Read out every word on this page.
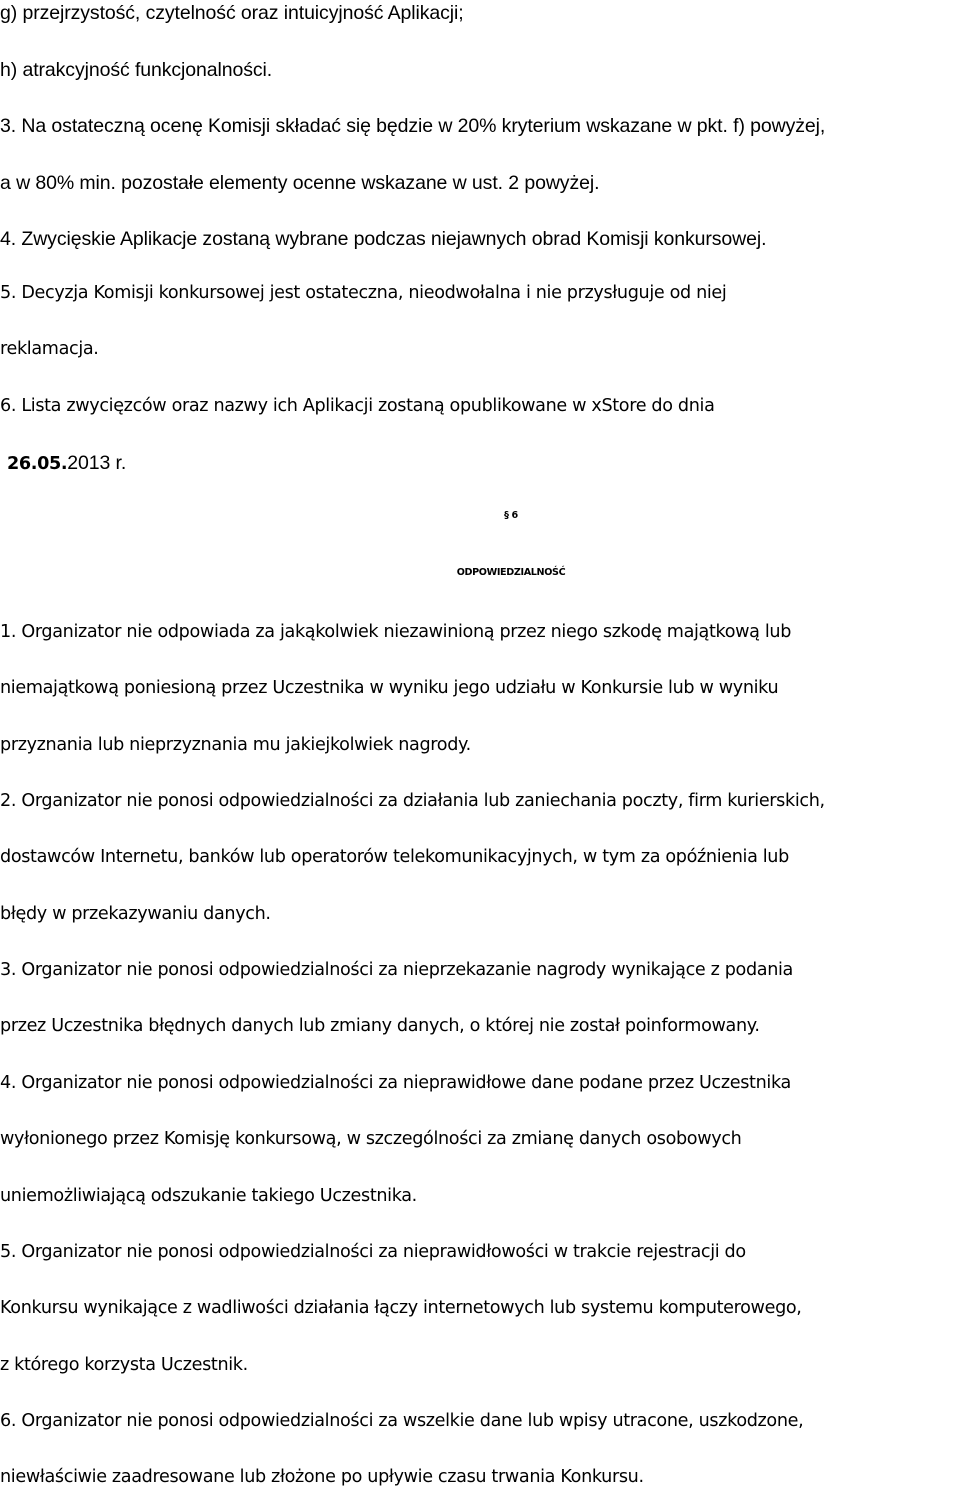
g) przejrzystość, czytelność oraz intuicyjność Aplikacji;
h) atrakcyjność funkcjonalności.
3. Na ostateczną ocenę Komisji składać się będzie w 20% kryterium wskazane w pkt. f) powyżej,
a w 80% min. pozostałe elementy ocenne wskazane w ust. 2 powyżej.
4. Zwycięskie Aplikacje zostaną wybrane podczas niejawnych obrad Komisji konkursowej.
5. Decyzja Komisji konkursowej jest ostateczna, nieodwołalna i nie przysługuje od niej
reklamacja.
6. Lista zwycięzców oraz nazwy ich Aplikacji zostaną opublikowane w xStore do dnia
26.05.2013 r.
§ 6
ODPOWIEDZIALNOŚĆ
1. Organizator nie odpowiada za jakąkolwiek niezawinioną przez niego szkodę majątkową lub
niemajątkową poniesioną przez Uczestnika w wyniku jego udziału w Konkursie lub w wyniku
przyznania lub nieprzyznania mu jakiejkolwiek nagrody.
2. Organizator nie ponosi odpowiedzialności za działania lub zaniechania poczty, firm kurierskich,
dostawców Internetu, banków lub operatorów telekomunikacyjnych, w tym za opóźnienia lub
błędy w przekazywaniu danych.
3. Organizator nie ponosi odpowiedzialności za nieprzekazanie nagrody wynikające z podania
przez Uczestnika błędnych danych lub zmiany danych, o której nie został poinformowany.
4. Organizator nie ponosi odpowiedzialności za nieprawidłowe dane podane przez Uczestnika
wyłonionego przez Komisję konkursową, w szczególności za zmianę danych osobowych
uniemożliwiającą odszukanie takiego Uczestnika.
5. Organizator nie ponosi odpowiedzialności za nieprawidłowości w trakcie rejestracji do
Konkursu wynikające z wadliwości działania łączy internetowych lub systemu komputerowego,
z którego korzysta Uczestnik.
6. Organizator nie ponosi odpowiedzialności za wszelkie dane lub wpisy utracone, uszkodzone,
niewłaściwie zaadresowane lub złożone po upływie czasu trwania Konkursu.
